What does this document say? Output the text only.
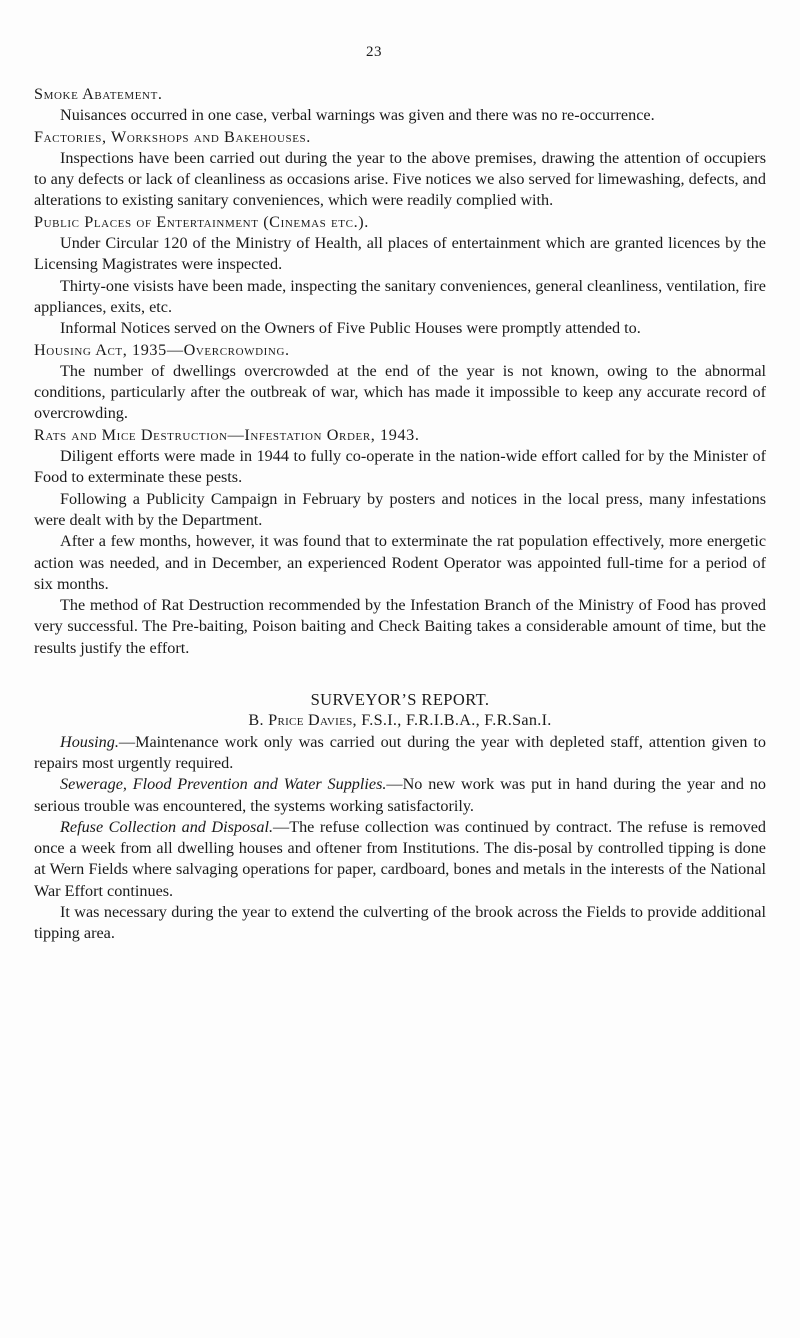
23
Smoke Abatement.

Nuisances occurred in one case, verbal warnings was given and there was no re-occurrence.

Factories, Workshops and Bakehouses.

Inspections have been carried out during the year to the above premises, drawing the attention of occupiers to any defects or lack of cleanliness as occasions arise. Five notices we also served for limewashing, defects, and alterations to existing sanitary conveniences, which were readily complied with.

Public Places of Entertainment (Cinemas etc.).

Under Circular 120 of the Ministry of Health, all places of entertainment which are granted licences by the Licensing Magistrates were inspected.

Thirty-one visists have been made, inspecting the sanitary conveniences, general cleanliness, ventilation, fire appliances, exits, etc.

Informal Notices served on the Owners of Five Public Houses were promptly attended to.

Housing Act, 1935—Overcrowding.

The number of dwellings overcrowded at the end of the year is not known, owing to the abnormal conditions, particularly after the outbreak of war, which has made it impossible to keep any accurate record of overcrowding.

Rats and Mice Destruction—Infestation Order, 1943.

Diligent efforts were made in 1944 to fully co-operate in the nation-wide effort called for by the Minister of Food to exterminate these pests.

Following a Publicity Campaign in February by posters and notices in the local press, many infestations were dealt with by the Department.

After a few months, however, it was found that to exterminate the rat population effectively, more energetic action was needed, and in December, an experienced Rodent Operator was appointed full-time for a period of six months.

The method of Rat Destruction recommended by the Infestation Branch of the Ministry of Food has proved very successful. The Pre-baiting, Poison baiting and Check Baiting takes a considerable amount of time, but the results justify the effort.

SURVEYOR’S REPORT.
B. Price Davies, F.S.I., F.R.I.B.A., F.R.San.I.

Housing.—Maintenance work only was carried out during the year with depleted staff, attention given to repairs most urgently required.

Sewerage, Flood Prevention and Water Supplies.—No new work was put in hand during the year and no serious trouble was encountered, the systems working satisfactorily.

Refuse Collection and Disposal.—The refuse collection was continued by contract. The refuse is removed once a week from all dwelling houses and oftener from Institutions. The dis-posal by controlled tipping is done at Wern Fields where salvaging operations for paper, cardboard, bones and metals in the interests of the National War Effort continues.

It was necessary during the year to extend the culverting of the brook across the Fields to provide additional tipping area.
